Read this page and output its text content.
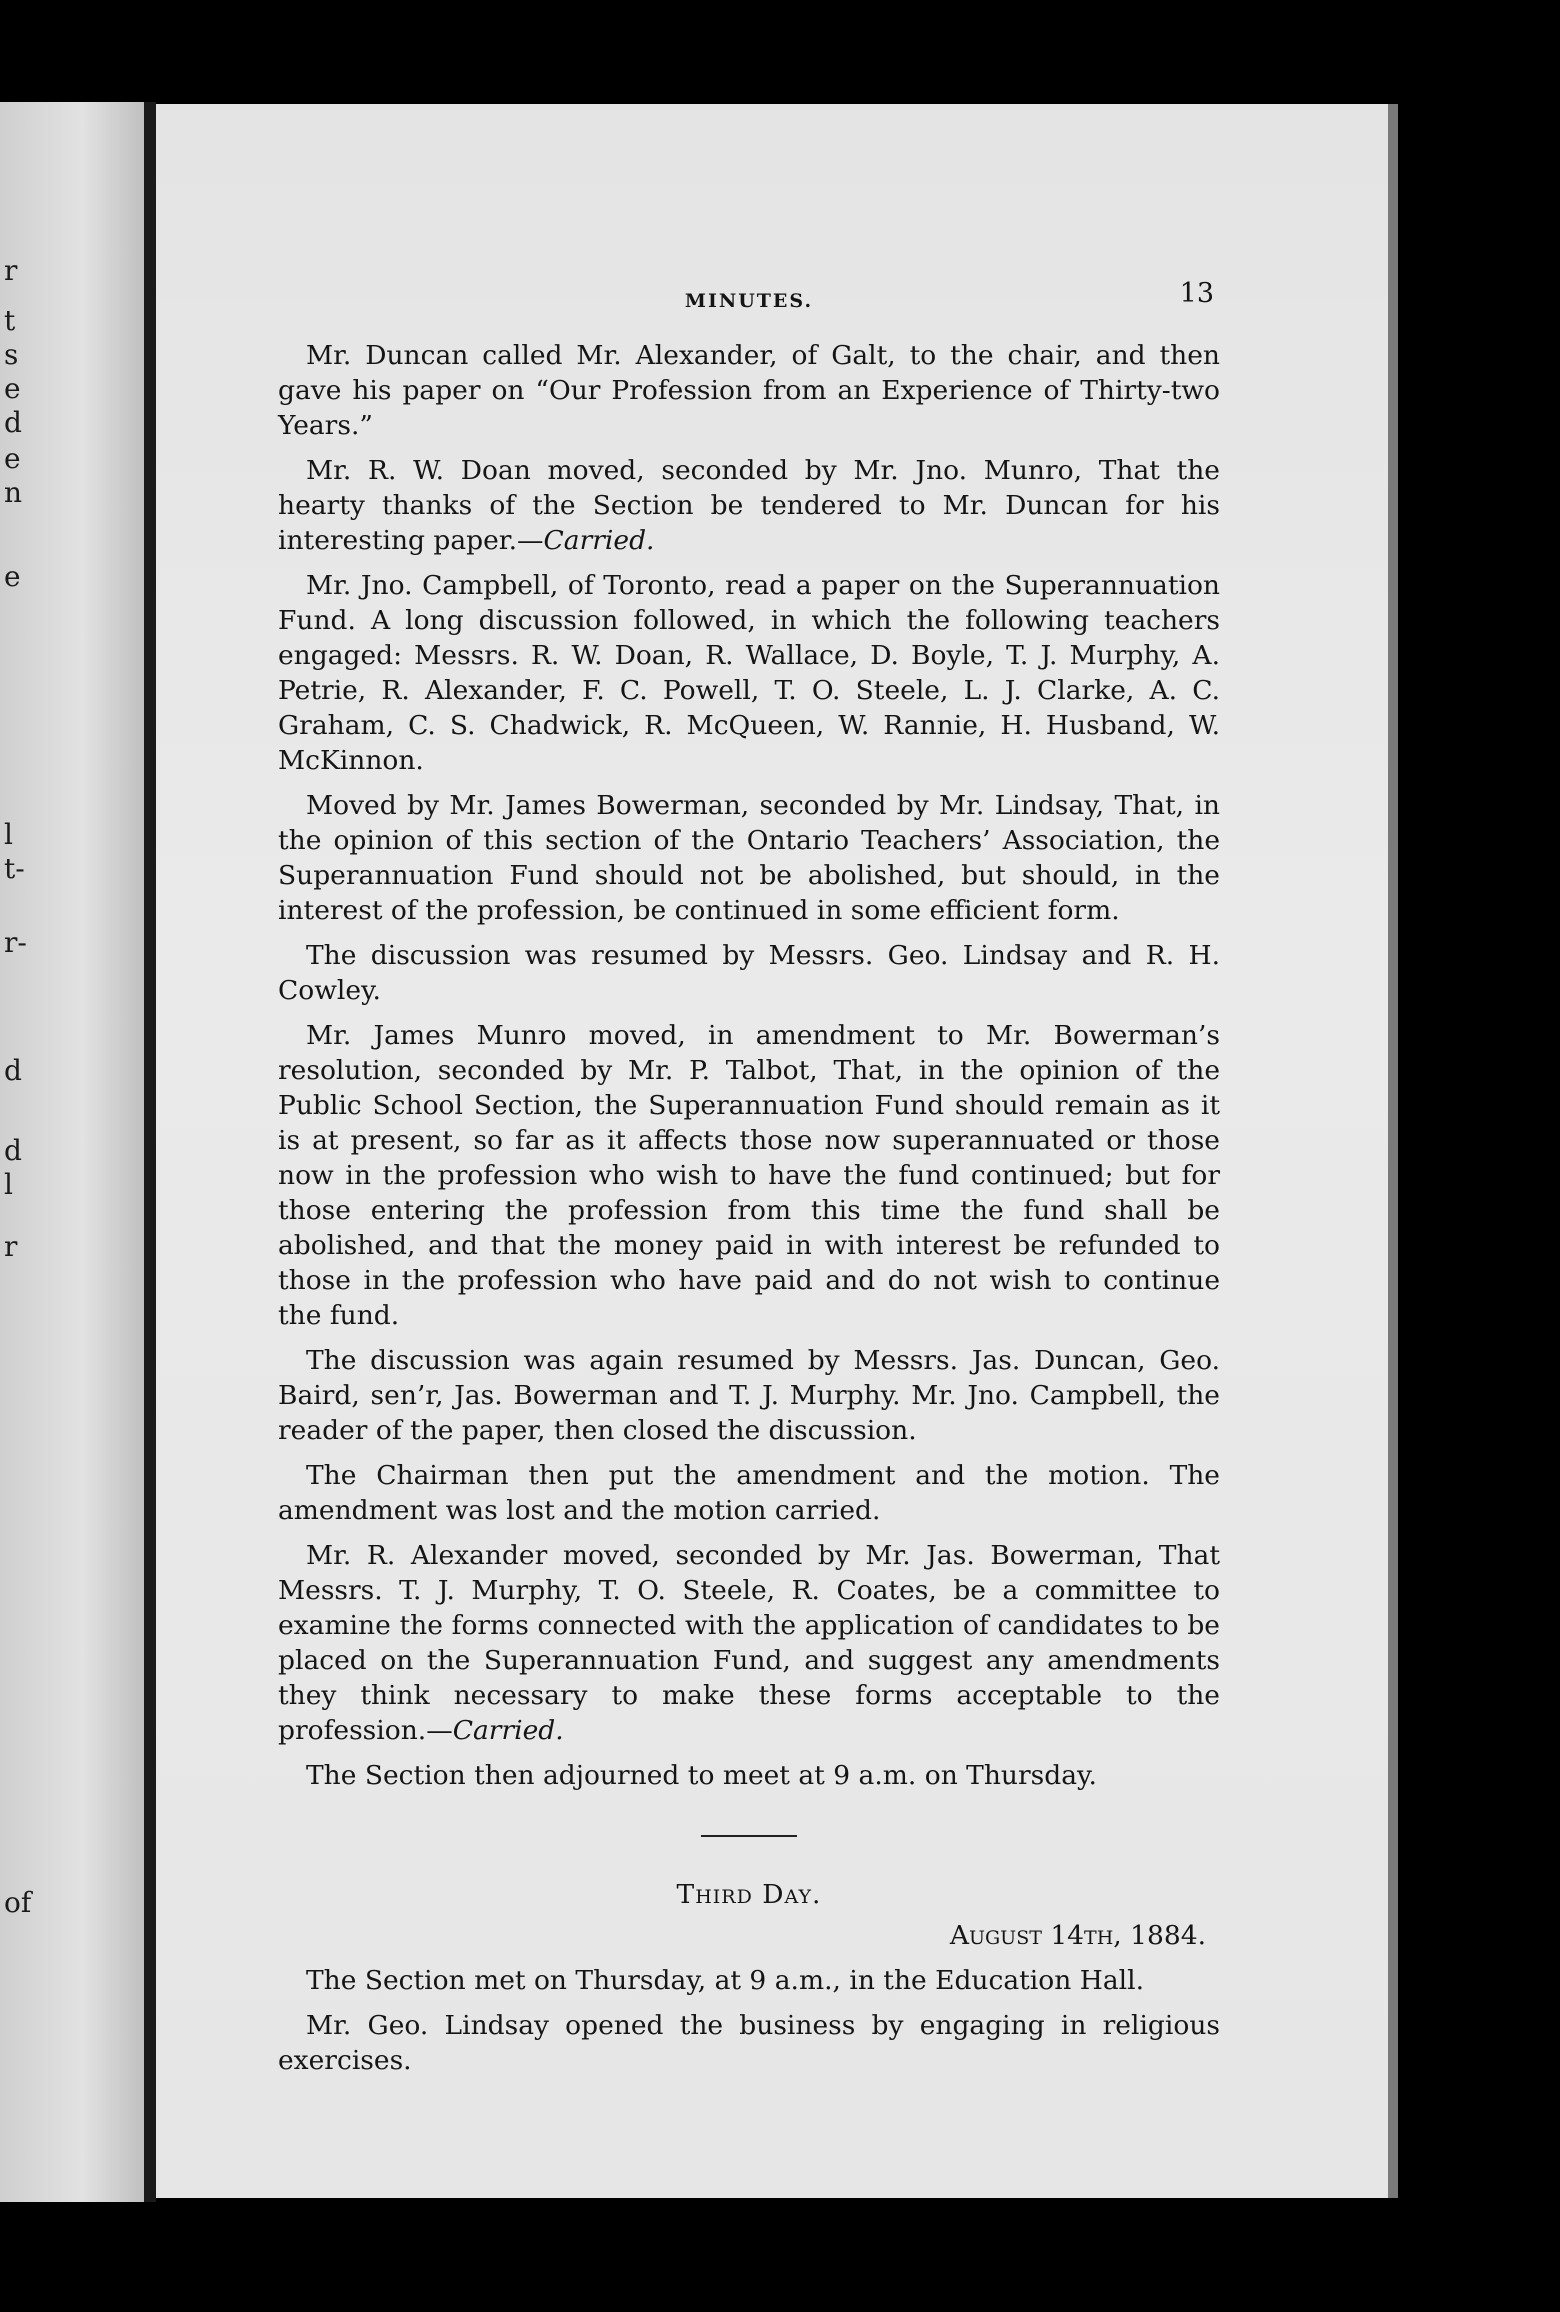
r
t
s
e
d
e
n
e
l
t-
r-
d
d
l
r
of
MINUTES.	13

Mr. Duncan called Mr. Alexander, of Galt, to the chair, and then gave his paper on “Our Profession from an Experience of Thirty-two Years.”

Mr. R. W. Doan moved, seconded by Mr. Jno. Munro, That the hearty thanks of the Section be tendered to Mr. Duncan for his interesting paper.—Carried.

Mr. Jno. Campbell, of Toronto, read a paper on the Superannuation Fund. A long discussion followed, in which the following teachers engaged: Messrs. R. W. Doan, R. Wallace, D. Boyle, T. J. Murphy, A. Petrie, R. Alexander, F. C. Powell, T. O. Steele, L. J. Clarke, A. C. Graham, C. S. Chadwick, R. McQueen, W. Rannie, H. Husband, W. McKinnon.

Moved by Mr. James Bowerman, seconded by Mr. Lindsay, That, in the opinion of this section of the Ontario Teachers’ Association, the Superannuation Fund should not be abolished, but should, in the interest of the profession, be continued in some efficient form.

The discussion was resumed by Messrs. Geo. Lindsay and R. H. Cowley.

Mr. James Munro moved, in amendment to Mr. Bowerman’s resolution, seconded by Mr. P. Talbot, That, in the opinion of the Public School Section, the Superannuation Fund should remain as it is at present, so far as it affects those now superannuated or those now in the profession who wish to have the fund continued; but for those entering the profession from this time the fund shall be abolished, and that the money paid in with interest be refunded to those in the profession who have paid and do not wish to continue the fund.

The discussion was again resumed by Messrs. Jas. Duncan, Geo. Baird, sen’r, Jas. Bowerman and T. J. Murphy. Mr. Jno. Campbell, the reader of the paper, then closed the discussion.

The Chairman then put the amendment and the motion. The amendment was lost and the motion carried.

Mr. R. Alexander moved, seconded by Mr. Jas. Bowerman, That Messrs. T. J. Murphy, T. O. Steele, R. Coates, be a committee to examine the forms connected with the application of candidates to be placed on the Superannuation Fund, and suggest any amendments they think necessary to make these forms acceptable to the profession.—Carried.

The Section then adjourned to meet at 9 a.m. on Thursday.

Third Day.
August 14th, 1884.

The Section met on Thursday, at 9 a.m., in the Education Hall.

Mr. Geo. Lindsay opened the business by engaging in religious exercises.
